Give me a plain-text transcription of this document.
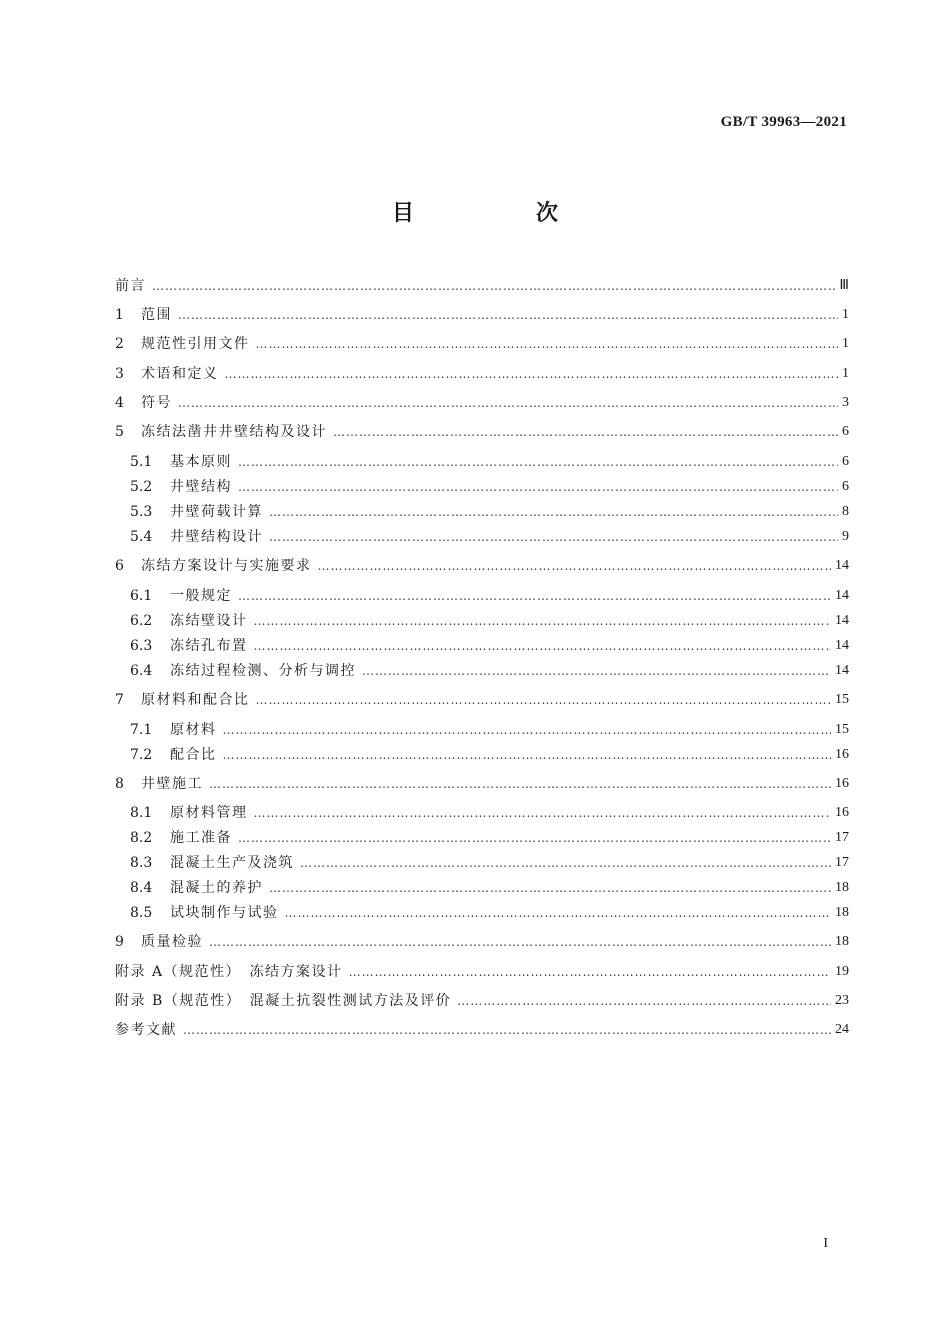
GB/T 39963—2021
目　次
前言 ……………………………………………………………………………………………………………………………………………………………………………………	Ⅲ
1	范围 ……………………………………………………………………………………………………………………………………………………………………………………	1
2	规范性引用文件 ……………………………………………………………………………………………………………………………………………………………………………………	1
3	术语和定义 ……………………………………………………………………………………………………………………………………………………………………………………	1
4	符号 ……………………………………………………………………………………………………………………………………………………………………………………	3
5	冻结法凿井井壁结构及设计 ……………………………………………………………………………………………………………………………………………………………………………………	6
5.1	基本原则 ……………………………………………………………………………………………………………………………………………………………………………………	6
5.2	井壁结构 ……………………………………………………………………………………………………………………………………………………………………………………	6
5.3	井壁荷载计算 ……………………………………………………………………………………………………………………………………………………………………………………	8
5.4	井壁结构设计 ……………………………………………………………………………………………………………………………………………………………………………………	9
6	冻结方案设计与实施要求 ……………………………………………………………………………………………………………………………………………………………………………………	14
6.1	一般规定 ……………………………………………………………………………………………………………………………………………………………………………………	14
6.2	冻结壁设计 ……………………………………………………………………………………………………………………………………………………………………………………	14
6.3	冻结孔布置 ……………………………………………………………………………………………………………………………………………………………………………………	14
6.4	冻结过程检测、分析与调控 ……………………………………………………………………………………………………………………………………………………………………………………	14
7	原材料和配合比 ……………………………………………………………………………………………………………………………………………………………………………………	15
7.1	原材料 ……………………………………………………………………………………………………………………………………………………………………………………	15
7.2	配合比 ……………………………………………………………………………………………………………………………………………………………………………………	16
8	井壁施工 ……………………………………………………………………………………………………………………………………………………………………………………	16
8.1	原材料管理 ……………………………………………………………………………………………………………………………………………………………………………………	16
8.2	施工准备 ……………………………………………………………………………………………………………………………………………………………………………………	17
8.3	混凝土生产及浇筑 ……………………………………………………………………………………………………………………………………………………………………………………	17
8.4	混凝土的养护 ……………………………………………………………………………………………………………………………………………………………………………………	18
8.5	试块制作与试验 ……………………………………………………………………………………………………………………………………………………………………………………	18
9	质量检验 ……………………………………………………………………………………………………………………………………………………………………………………	18
附录 A（规范性）　冻结方案设计 ……………………………………………………………………………………………………………………………………………………………………………………	19
附录 B（规范性）　混凝土抗裂性测试方法及评价 ……………………………………………………………………………………………………………………………………………………………………………………	23
参考文献 ……………………………………………………………………………………………………………………………………………………………………………………	24
I
